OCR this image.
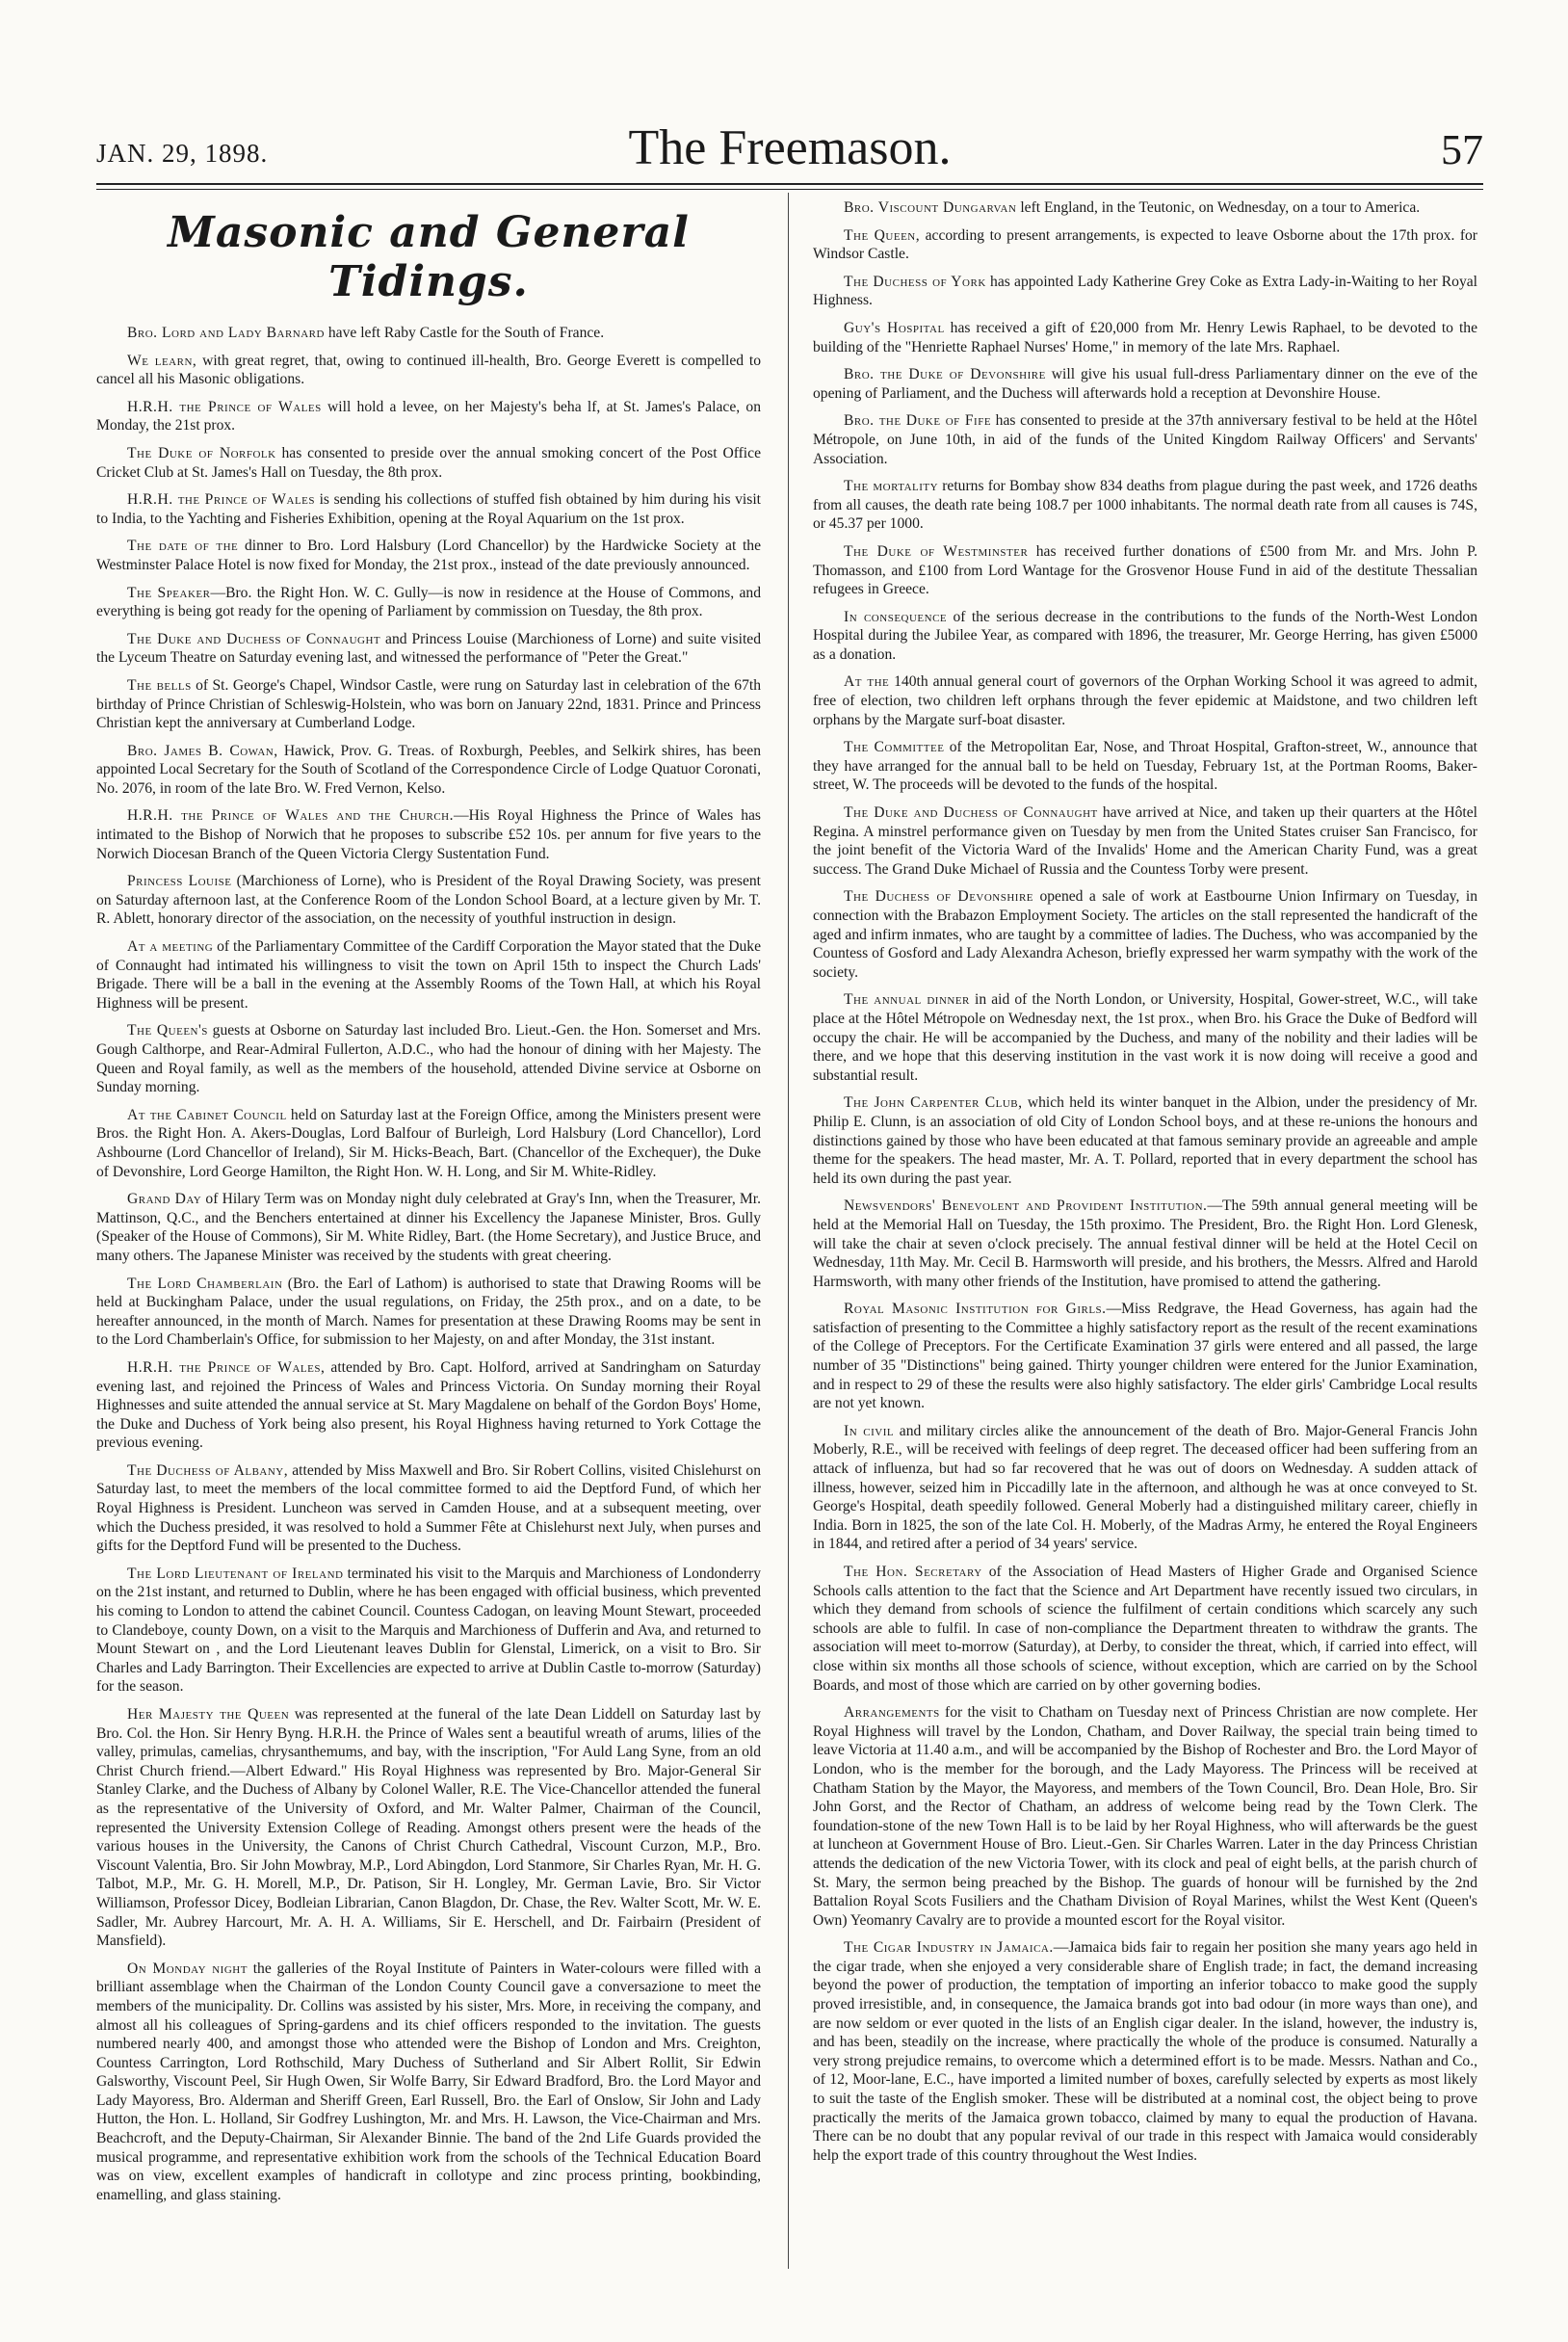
The Freemason.
JAN. 29, 1898.	57
Masonic and General Tidings.

Bro. Lord and Lady Barnard have left Raby Castle for the South of France.

We learn, with great regret, that, owing to continued ill-health, Bro. George Everett is compelled to cancel all his Masonic obligations.

H.R.H. the Prince of Wales will hold a levee, on her Majesty's beha lf, at St. James's Palace, on Monday, the 21st prox.

The Duke of Norfolk has consented to preside over the annual smoking concert of the Post Office Cricket Club at St. James's Hall on Tuesday, the 8th prox.

H.R.H. the Prince of Wales is sending his collections of stuffed fish obtained by him during his visit to India, to the Yachting and Fisheries Exhibition, opening at the Royal Aquarium on the 1st prox.

The date of the dinner to Bro. Lord Halsbury (Lord Chancellor) by the Hardwicke Society at the Westminster Palace Hotel is now fixed for Monday, the 21st prox., instead of the date previously announced.

The Speaker—Bro. the Right Hon. W. C. Gully—is now in residence at the House of Commons, and everything is being got ready for the opening of Parliament by commission on Tuesday, the 8th prox.

The Duke and Duchess of Connaught and Princess Louise (Marchioness of Lorne) and suite visited the Lyceum Theatre on Saturday evening last, and witnessed the performance of "Peter the Great."

The bells of St. George's Chapel, Windsor Castle, were rung on Saturday last in celebration of the 67th birthday of Prince Christian of Schleswig-Holstein, who was born on January 22nd, 1831. Prince and Princess Christian kept the anniversary at Cumberland Lodge.

Bro. James B. Cowan, Hawick, Prov. G. Treas. of Roxburgh, Peebles, and Selkirk shires, has been appointed Local Secretary for the South of Scotland of the Correspondence Circle of Lodge Quatuor Coronati, No. 2076, in room of the late Bro. W. Fred Vernon, Kelso.

H.R.H. the Prince of Wales and the Church.—His Royal Highness the Prince of Wales has intimated to the Bishop of Norwich that he proposes to subscribe £52 10s. per annum for five years to the Norwich Diocesan Branch of the Queen Victoria Clergy Sustentation Fund.

Princess Louise (Marchioness of Lorne), who is President of the Royal Drawing Society, was present on Saturday afternoon last, at the Conference Room of the London School Board, at a lecture given by Mr. T. R. Ablett, honorary director of the association, on the necessity of youthful instruction in design.

At a meeting of the Parliamentary Committee of the Cardiff Corporation the Mayor stated that the Duke of Connaught had intimated his willingness to visit the town on April 15th to inspect the Church Lads' Brigade. There will be a ball in the evening at the Assembly Rooms of the Town Hall, at which his Royal Highness will be present.

The Queen's guests at Osborne on Saturday last included Bro. Lieut.-Gen. the Hon. Somerset and Mrs. Gough Calthorpe, and Rear-Admiral Fullerton, A.D.C., who had the honour of dining with her Majesty. The Queen and Royal family, as well as the members of the household, attended Divine service at Osborne on Sunday morning.

At the Cabinet Council held on Saturday last at the Foreign Office, among the Ministers present were Bros. the Right Hon. A. Akers-Douglas, Lord Balfour of Burleigh, Lord Halsbury (Lord Chancellor), Lord Ashbourne (Lord Chancellor of Ireland), Sir M. Hicks-Beach, Bart. (Chancellor of the Exchequer), the Duke of Devonshire, Lord George Hamilton, the Right Hon. W. H. Long, and Sir M. White-Ridley.

Grand Day of Hilary Term was on Monday night duly celebrated at Gray's Inn, when the Treasurer, Mr. Mattinson, Q.C., and the Benchers entertained at dinner his Excellency the Japanese Minister, Bros. Gully (Speaker of the House of Commons), Sir M. White Ridley, Bart. (the Home Secretary), and Justice Bruce, and many others. The Japanese Minister was received by the students with great cheering.

The Lord Chamberlain (Bro. the Earl of Lathom) is authorised to state that Drawing Rooms will be held at Buckingham Palace, under the usual regulations, on Friday, the 25th prox., and on a date, to be hereafter announced, in the month of March. Names for presentation at these Drawing Rooms may be sent in to the Lord Chamberlain's Office, for submission to her Majesty, on and after Monday, the 31st instant.

H.R.H. the Prince of Wales, attended by Bro. Capt. Holford, arrived at Sandringham on Saturday evening last, and rejoined the Princess of Wales and Princess Victoria. On Sunday morning their Royal Highnesses and suite attended the annual service at St. Mary Magdalene on behalf of the Gordon Boys' Home, the Duke and Duchess of York being also present, his Royal Highness having returned to York Cottage the previous evening.

The Duchess of Albany, attended by Miss Maxwell and Bro. Sir Robert Collins, visited Chislehurst on Saturday last, to meet the members of the local committee formed to aid the Deptford Fund, of which her Royal Highness is President. Luncheon was served in Camden House, and at a subsequent meeting, over which the Duchess presided, it was resolved to hold a Summer Fête at Chislehurst next July, when purses and gifts for the Deptford Fund will be presented to the Duchess.

The Lord Lieutenant of Ireland terminated his visit to the Marquis and Marchioness of Londonderry on the 21st instant, and returned to Dublin, where he has been engaged with official business, which prevented his coming to London to attend the cabinet Council. Countess Cadogan, on leaving Mount Stewart, proceeded to Clandeboye, county Down, on a visit to the Marquis and Marchioness of Dufferin and Ava, and returned to Mount Stewart on , and the Lord Lieutenant leaves Dublin for Glenstal, Limerick, on a visit to Bro. Sir Charles and Lady Barrington. Their Excellencies are expected to arrive at Dublin Castle to-morrow (Saturday) for the season.

Her Majesty the Queen was represented at the funeral of the late Dean Liddell on Saturday last by Bro. Col. the Hon. Sir Henry Byng. H.R.H. the Prince of Wales sent a beautiful wreath of arums, lilies of the valley, primulas, camelias, chrysanthemums, and bay, with the inscription, "For Auld Lang Syne, from an old Christ Church friend.—Albert Edward." His Royal Highness was represented by Bro. Major-General Sir Stanley Clarke, and the Duchess of Albany by Colonel Waller, R.E. The Vice-Chancellor attended the funeral as the representative of the University of Oxford, and Mr. Walter Palmer, Chairman of the Council, represented the University Extension College of Reading. Amongst others present were the heads of the various houses in the University, the Canons of Christ Church Cathedral, Viscount Curzon, M.P., Bro. Viscount Valentia, Bro. Sir John Mowbray, M.P., Lord Abingdon, Lord Stanmore, Sir Charles Ryan, Mr. H. G. Talbot, M.P., Mr. G. H. Morell, M.P., Dr. Patison, Sir H. Longley, Mr. German Lavie, Bro. Sir Victor Williamson, Professor Dicey, Bodleian Librarian, Canon Blagdon, Dr. Chase, the Rev. Walter Scott, Mr. W. E. Sadler, Mr. Aubrey Harcourt, Mr. A. H. A. Williams, Sir E. Herschell, and Dr. Fairbairn (President of Mansfield).

On Monday night the galleries of the Royal Institute of Painters in Water-colours were filled with a brilliant assemblage when the Chairman of the London County Council gave a conversazione to meet the members of the municipality. Dr. Collins was assisted by his sister, Mrs. More, in receiving the company, and almost all his colleagues of Spring-gardens and its chief officers responded to the invitation. The guests numbered nearly 400, and amongst those who attended were the Bishop of London and Mrs. Creighton, Countess Carrington, Lord Rothschild, Mary Duchess of Sutherland and Sir Albert Rollit, Sir Edwin Galsworthy, Viscount Peel, Sir Hugh Owen, Sir Wolfe Barry, Sir Edward Bradford, Bro. the Lord Mayor and Lady Mayoress, Bro. Alderman and Sheriff Green, Earl Russell, Bro. the Earl of Onslow, Sir John and Lady Hutton, the Hon. L. Holland, Sir Godfrey Lushington, Mr. and Mrs. H. Lawson, the Vice-Chairman and Mrs. Beachcroft, and the Deputy-Chairman, Sir Alexander Binnie. The band of the 2nd Life Guards provided the musical programme, and representative exhibition work from the schools of the Technical Education Board was on view, excellent examples of handicraft in collotype and zinc process printing, bookbinding, enamelling, and glass staining.

Bro. Viscount Dungarvan left England, in the Teutonic, on Wednesday, on a tour to America.

The Queen, according to present arrangements, is expected to leave Osborne about the 17th prox. for Windsor Castle.

The Duchess of York has appointed Lady Katherine Grey Coke as Extra Lady-in-Waiting to her Royal Highness.

Guy's Hospital has received a gift of £20,000 from Mr. Henry Lewis Raphael, to be devoted to the building of the "Henriette Raphael Nurses' Home," in memory of the late Mrs. Raphael.

Bro. the Duke of Devonshire will give his usual full-dress Parliamentary dinner on the eve of the opening of Parliament, and the Duchess will afterwards hold a reception at Devonshire House.

Bro. the Duke of Fife has consented to preside at the 37th anniversary festival to be held at the Hôtel Métropole, on June 10th, in aid of the funds of the United Kingdom Railway Officers' and Servants' Association.

The mortality returns for Bombay show 834 deaths from plague during the past week, and 1726 deaths from all causes, the death rate being 108.7 per 1000 inhabitants. The normal death rate from all causes is 74S, or 45.37 per 1000.

The Duke of Westminster has received further donations of £500 from Mr. and Mrs. John P. Thomasson, and £100 from Lord Wantage for the Grosvenor House Fund in aid of the destitute Thessalian refugees in Greece.

In consequence of the serious decrease in the contributions to the funds of the North-West London Hospital during the Jubilee Year, as compared with 1896, the treasurer, Mr. George Herring, has given £5000 as a donation.

At the 140th annual general court of governors of the Orphan Working School it was agreed to admit, free of election, two children left orphans through the fever epidemic at Maidstone, and two children left orphans by the Margate surf-boat disaster.

The Committee of the Metropolitan Ear, Nose, and Throat Hospital, Grafton-street, W., announce that they have arranged for the annual ball to be held on Tuesday, February 1st, at the Portman Rooms, Baker-street, W. The proceeds will be devoted to the funds of the hospital.

The Duke and Duchess of Connaught have arrived at Nice, and taken up their quarters at the Hôtel Regina. A minstrel performance given on Tuesday by men from the United States cruiser San Francisco, for the joint benefit of the Victoria Ward of the Invalids' Home and the American Charity Fund, was a great success. The Grand Duke Michael of Russia and the Countess Torby were present.

The Duchess of Devonshire opened a sale of work at Eastbourne Union Infirmary on Tuesday, in connection with the Brabazon Employment Society. The articles on the stall represented the handicraft of the aged and infirm inmates, who are taught by a committee of ladies. The Duchess, who was accompanied by the Countess of Gosford and Lady Alexandra Acheson, briefly expressed her warm sympathy with the work of the society.

The annual dinner in aid of the North London, or University, Hospital, Gower-street, W.C., will take place at the Hôtel Métropole on Wednesday next, the 1st prox., when Bro. his Grace the Duke of Bedford will occupy the chair. He will be accompanied by the Duchess, and many of the nobility and their ladies will be there, and we hope that this deserving institution in the vast work it is now doing will receive a good and substantial result.

The John Carpenter Club, which held its winter banquet in the Albion, under the presidency of Mr. Philip E. Clunn, is an association of old City of London School boys, and at these re-unions the honours and distinctions gained by those who have been educated at that famous seminary provide an agreeable and ample theme for the speakers. The head master, Mr. A. T. Pollard, reported that in every department the school has held its own during the past year.

Newsvendors' Benevolent and Provident Institution.—The 59th annual general meeting will be held at the Memorial Hall on Tuesday, the 15th proximo. The President, Bro. the Right Hon. Lord Glenesk, will take the chair at seven o'clock precisely. The annual festival dinner will be held at the Hotel Cecil on Wednesday, 11th May. Mr. Cecil B. Harmsworth will preside, and his brothers, the Messrs. Alfred and Harold Harmsworth, with many other friends of the Institution, have promised to attend the gathering.

Royal Masonic Institution for Girls.—Miss Redgrave, the Head Governess, has again had the satisfaction of presenting to the Committee a highly satisfactory report as the result of the recent examinations of the College of Preceptors. For the Certificate Examination 37 girls were entered and all passed, the large number of 35 "Distinctions" being gained. Thirty younger children were entered for the Junior Examination, and in respect to 29 of these the results were also highly satisfactory. The elder girls' Cambridge Local results are not yet known.

In civil and military circles alike the announcement of the death of Bro. Major-General Francis John Moberly, R.E., will be received with feelings of deep regret. The deceased officer had been suffering from an attack of influenza, but had so far recovered that he was out of doors on Wednesday. A sudden attack of illness, however, seized him in Piccadilly late in the afternoon, and although he was at once conveyed to St. George's Hospital, death speedily followed. General Moberly had a distinguished military career, chiefly in India. Born in 1825, the son of the late Col. H. Moberly, of the Madras Army, he entered the Royal Engineers in 1844, and retired after a period of 34 years' service.

The Hon. Secretary of the Association of Head Masters of Higher Grade and Organised Science Schools calls attention to the fact that the Science and Art Department have recently issued two circulars, in which they demand from schools of science the fulfilment of certain conditions which scarcely any such schools are able to fulfil. In case of non-compliance the Department threaten to withdraw the grants. The association will meet to-morrow (Saturday), at Derby, to consider the threat, which, if carried into effect, will close within six months all those schools of science, without exception, which are carried on by the School Boards, and most of those which are carried on by other governing bodies.

Arrangements for the visit to Chatham on Tuesday next of Princess Christian are now complete. Her Royal Highness will travel by the London, Chatham, and Dover Railway, the special train being timed to leave Victoria at 11.40 a.m., and will be accompanied by the Bishop of Rochester and Bro. the Lord Mayor of London, who is the member for the borough, and the Lady Mayoress. The Princess will be received at Chatham Station by the Mayor, the Mayoress, and members of the Town Council, Bro. Dean Hole, Bro. Sir John Gorst, and the Rector of Chatham, an address of welcome being read by the Town Clerk. The foundation-stone of the new Town Hall is to be laid by her Royal Highness, who will afterwards be the guest at luncheon at Government House of Bro. Lieut.-Gen. Sir Charles Warren. Later in the day Princess Christian attends the dedication of the new Victoria Tower, with its clock and peal of eight bells, at the parish church of St. Mary, the sermon being preached by the Bishop. The guards of honour will be furnished by the 2nd Battalion Royal Scots Fusiliers and the Chatham Division of Royal Marines, whilst the West Kent (Queen's Own) Yeomanry Cavalry are to provide a mounted escort for the Royal visitor.

The Cigar Industry in Jamaica.—Jamaica bids fair to regain her position she many years ago held in the cigar trade, when she enjoyed a very considerable share of English trade; in fact, the demand increasing beyond the power of production, the temptation of importing an inferior tobacco to make good the supply proved irresistible, and, in consequence, the Jamaica brands got into bad odour (in more ways than one), and are now seldom or ever quoted in the lists of an English cigar dealer. In the island, however, the industry is, and has been, steadily on the increase, where practically the whole of the produce is consumed. Naturally a very strong prejudice remains, to overcome which a determined effort is to be made. Messrs. Nathan and Co., of 12, Moor-lane, E.C., have imported a limited number of boxes, carefully selected by experts as most likely to suit the taste of the English smoker. These will be distributed at a nominal cost, the object being to prove practically the merits of the Jamaica grown tobacco, claimed by many to equal the production of Havana. There can be no doubt that any popular revival of our trade in this respect with Jamaica would considerably help the export trade of this country throughout the West Indies.
